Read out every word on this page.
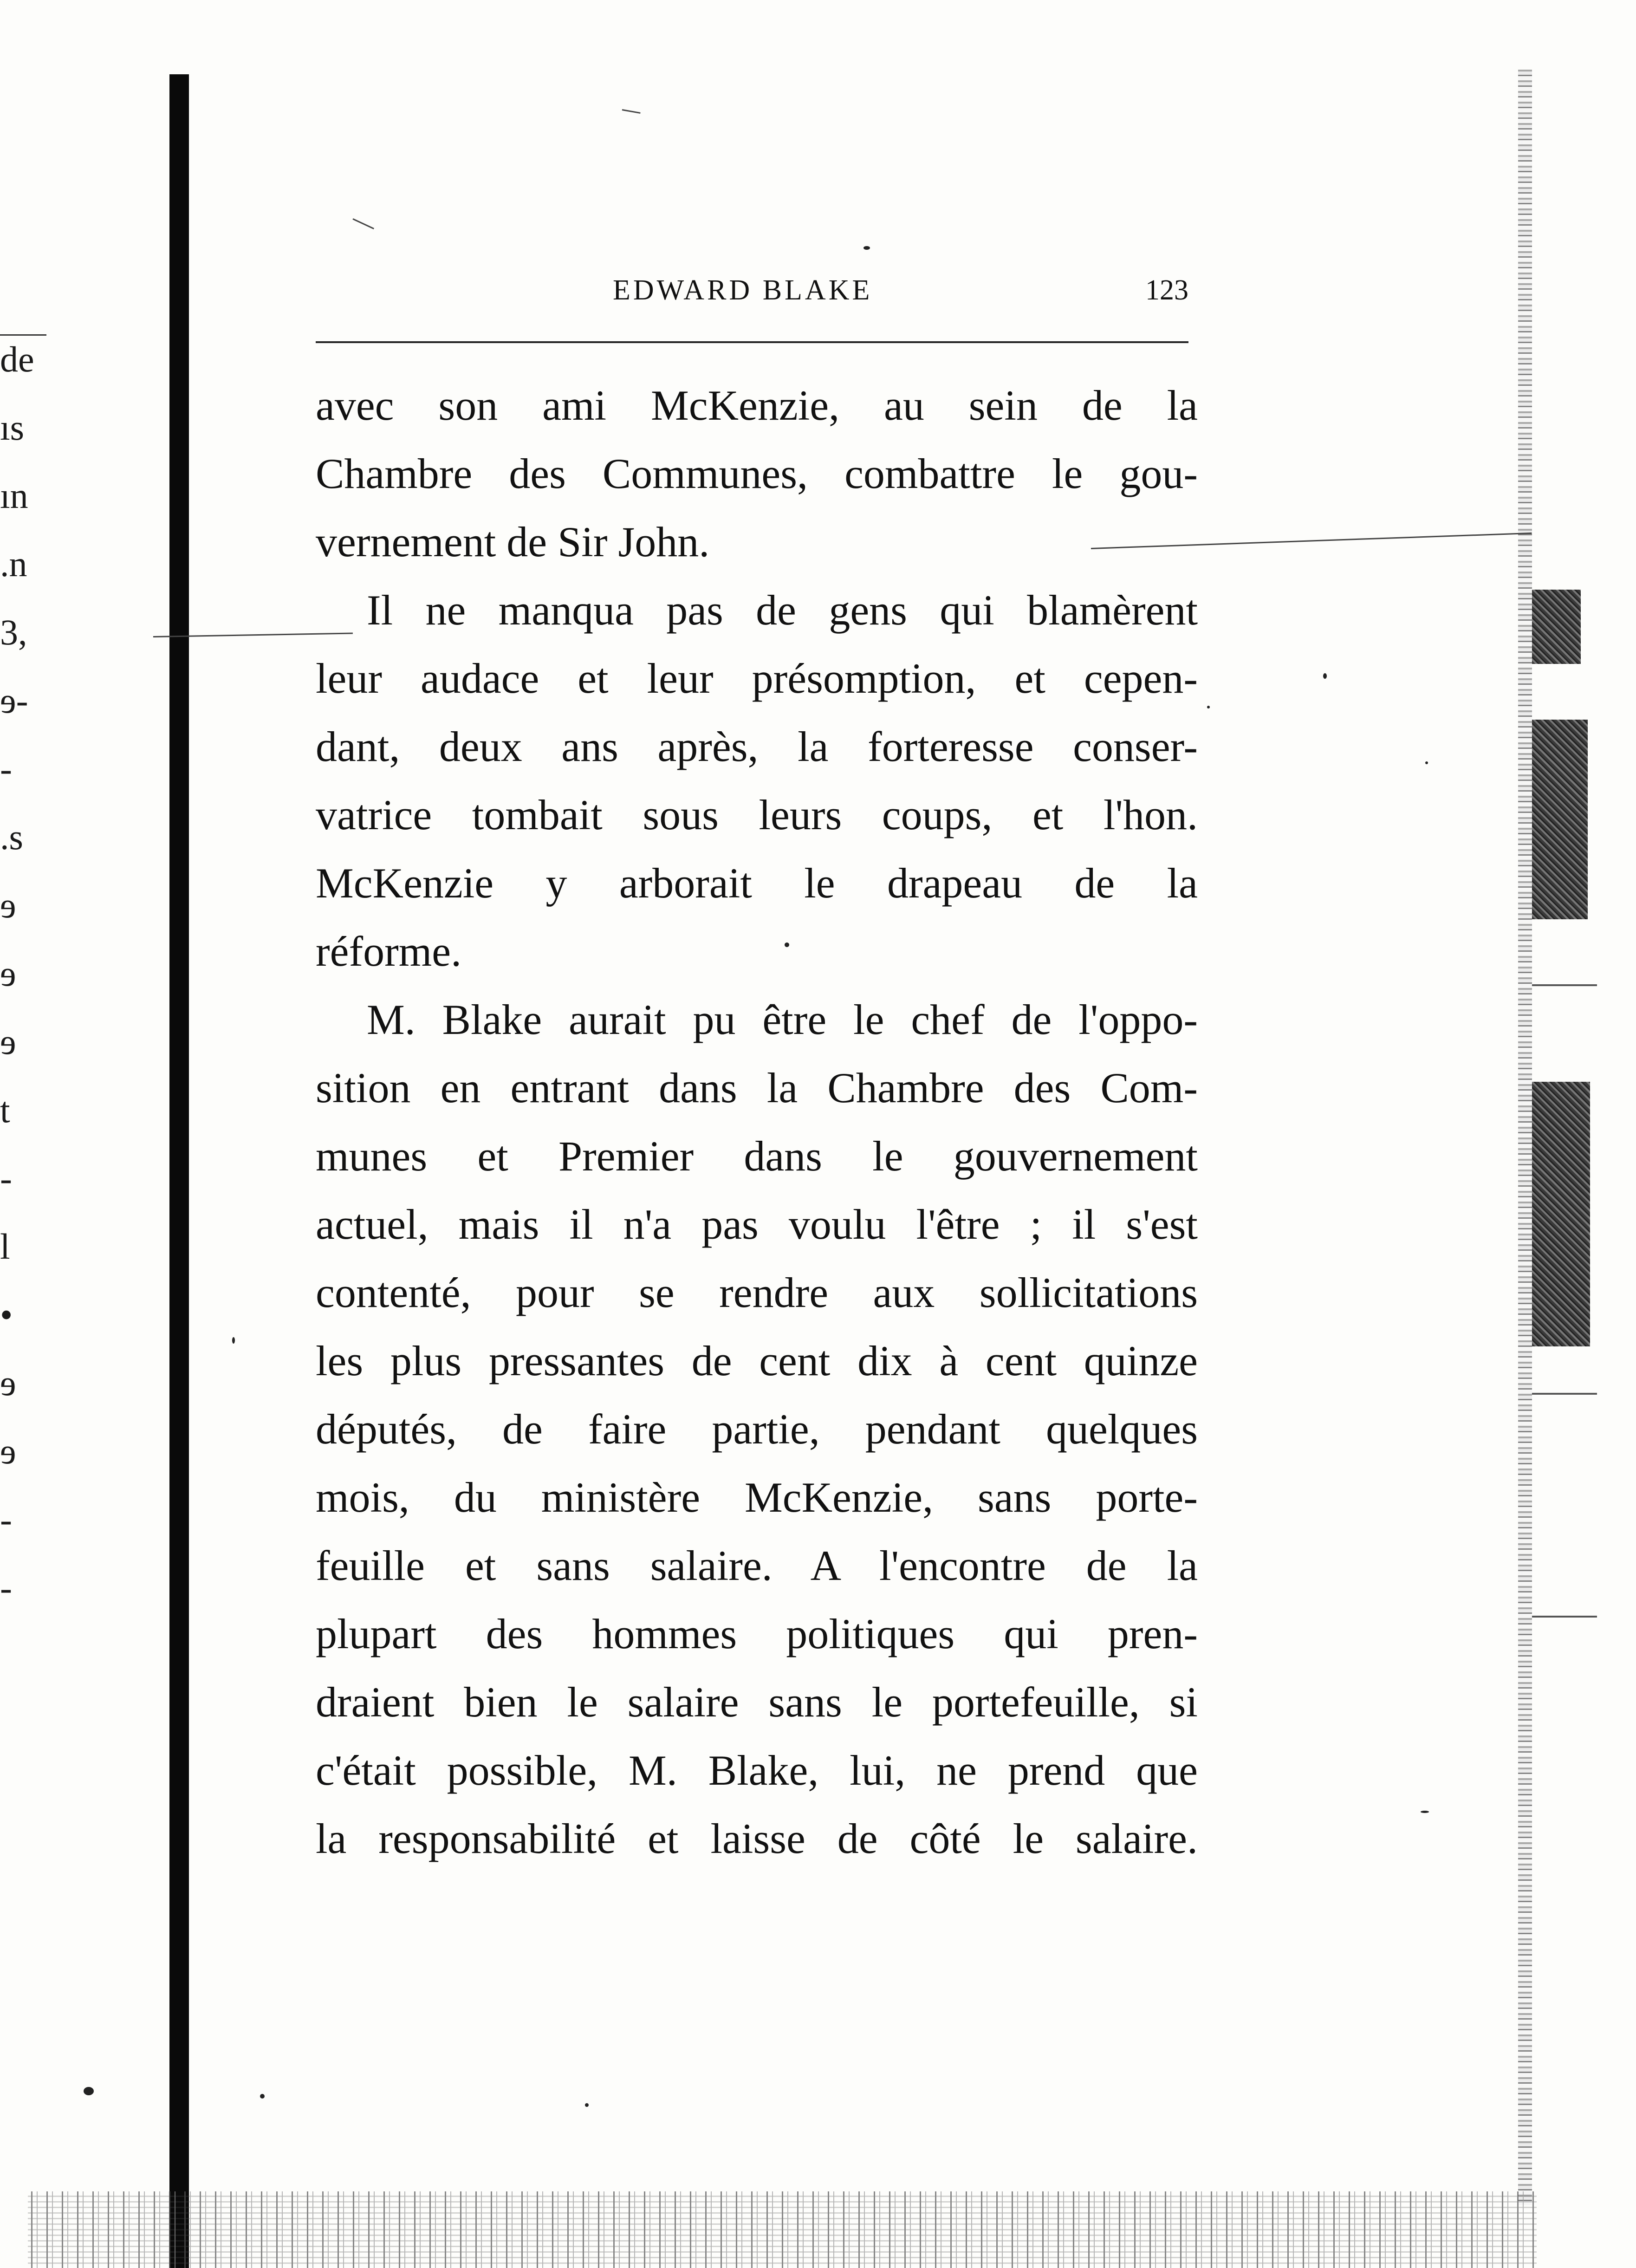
de
ıs
ın
.n
3,
ɘ-
-
.s
ɘ
ɘ
ɘ
t
-
l
•
ɘ
ɘ
-
-
EDWARD BLAKE	123

avec son ami McKenzie, au sein de la
Chambre des Communes, combattre le gou-
vernement de Sir John.

Il ne manqua pas de gens qui blamèrent
leur audace et leur présomption, et cepen-
dant, deux ans après, la forteresse conser-
vatrice tombait sous leurs coups, et l'hon.
McKenzie y arborait le drapeau de la
réforme.

M. Blake aurait pu être le chef de l'oppo-
sition en entrant dans la Chambre des Com-
munes et Premier dans le gouvernement
actuel, mais il n'a pas voulu l'être ; il s'est
contenté, pour se rendre aux sollicitations
les plus pressantes de cent dix à cent quinze
députés, de faire partie, pendant quelques
mois, du ministère McKenzie, sans porte-
feuille et sans salaire. A l'encontre de la
plupart des hommes politiques qui pren-
draient bien le salaire sans le portefeuille, si
c'était possible, M. Blake, lui, ne prend que
la responsabilité et laisse de côté le salaire.
